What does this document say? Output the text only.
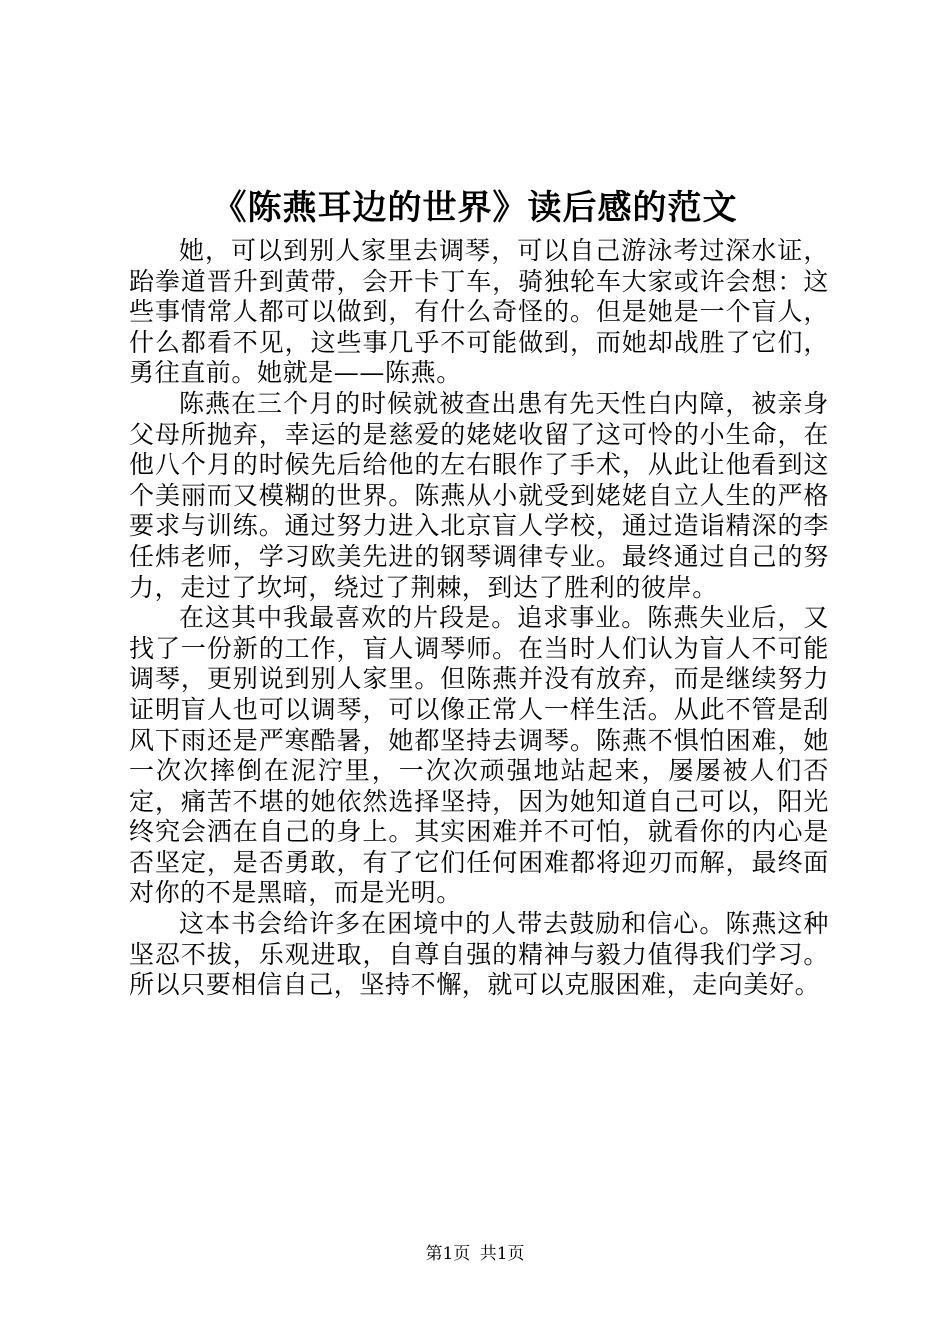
《陈燕耳边的世界》读后感的范文

她，可以到别人家里去调琴，可以自己游泳考过深水证，跆拳道晋升到黄带，会开卡丁车，骑独轮车大家或许会想：这些事情常人都可以做到，有什么奇怪的。但是她是一个盲人，什么都看不见，这些事几乎不可能做到，而她却战胜了它们，勇往直前。她就是——陈燕。

陈燕在三个月的时候就被查出患有先天性白内障，被亲身父母所抛弃，幸运的是慈爱的姥姥收留了这可怜的小生命，在他八个月的时候先后给他的左右眼作了手术，从此让他看到这个美丽而又模糊的世界。陈燕从小就受到姥姥自立人生的严格要求与训练。通过努力进入北京盲人学校，通过造诣精深的李任炜老师，学习欧美先进的钢琴调律专业。最终通过自己的努力，走过了坎坷，绕过了荆棘，到达了胜利的彼岸。

在这其中我最喜欢的片段是。追求事业。陈燕失业后，又找了一份新的工作，盲人调琴师。在当时人们认为盲人不可能调琴，更别说到别人家里。但陈燕并没有放弃，而是继续努力证明盲人也可以调琴，可以像正常人一样生活。从此不管是刮风下雨还是严寒酷暑，她都坚持去调琴。陈燕不惧怕困难，她一次次摔倒在泥泞里，一次次顽强地站起来，屡屡被人们否定，痛苦不堪的她依然选择坚持，因为她知道自己可以，阳光终究会洒在自己的身上。其实困难并不可怕，就看你的内心是否坚定，是否勇敢，有了它们任何困难都将迎刃而解，最终面对你的不是黑暗，而是光明。

这本书会给许多在困境中的人带去鼓励和信心。陈燕这种坚忍不拔，乐观进取，自尊自强的精神与毅力值得我们学习。所以只要相信自己，坚持不懈，就可以克服困难，走向美好。

第1页 共1页
